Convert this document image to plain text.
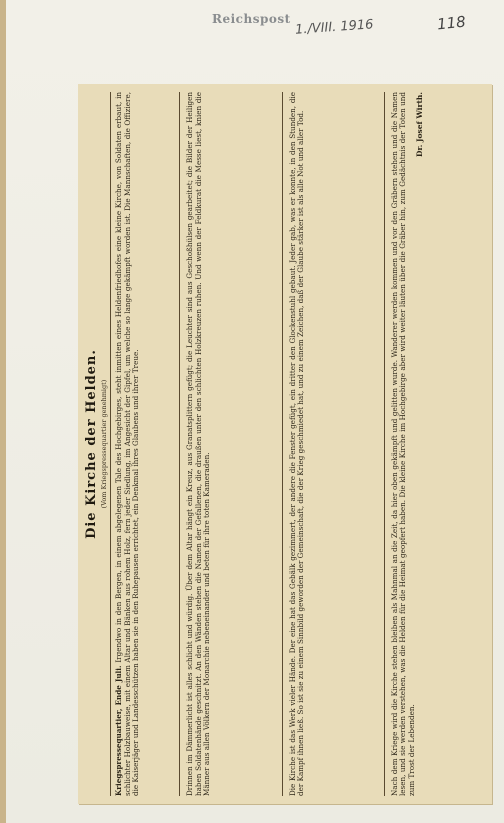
Reichspost 1./VIII. 1916	118
Die Kirche der Helden. (Vom Kriegspressequartier genehmigt)
Kriegspressequartier, Ende Juli. Irgendwo in den Bergen, in einem abgelegenen Tale des Hochgebirges, steht inmitten eines Heldenfriedhofes eine kleine Kirche, von Soldaten erbaut, in schlichter Holzbauweise, mit einem Altar und Bänken aus rohem Holz, fern jeder Siedlung, im Angesicht der Gipfel, um welche so lange gekämpft worden ist. Die Mannschaften, die Offiziere, die Kaiserjäger und Landesschützen haben sie in den Ruhepausen errichtet, ein Denkmal ihres Glaubens und ihrer Treue.	Drinnen im Dämmerlicht ist alles schlicht und würdig. Über dem Altar hängt ein Kreuz, aus Granatsplittern gefügt; die Leuchter sind aus Geschoßhülsen gearbeitet; die Bilder der Heiligen haben Soldatenhände geschnitzt. An den Wänden stehen die Namen der Gefallenen, die draußen unter den schlichten Holzkreuzen ruhen. Und wenn der Feldkurat die Messe liest, knien die Männer aus allen Völkern der Monarchie nebeneinander und beten für ihre toten Kameraden.	Die Kirche ist das Werk vieler Hände. Der eine hat das Gebälk gezimmert, der andere die Fenster gefügt, ein dritter den Glockenstuhl gebaut. Jeder gab, was er konnte, in den Stunden, die der Kampf ihnen ließ. So ist sie zu einem Sinnbild geworden der Gemeinschaft, die der Krieg geschmiedet hat, und zu einem Zeichen, daß der Glaube stärker ist als alle Not und aller Tod.	Nach dem Kriege wird die Kirche stehen bleiben als Mahnmal an die Zeit, da hier oben gekämpft und gelitten wurde. Wanderer werden kommen und vor den Gräbern stehen und die Namen lesen, und sie werden verstehen, was die Helden für die Heimat geopfert haben. Die kleine Kirche im Hochgebirge aber wird weiter läuten über die Gräber hin, zum Gedächtnis der Toten und zum Trost der Lebenden.
Dr. Josef Wirth.
